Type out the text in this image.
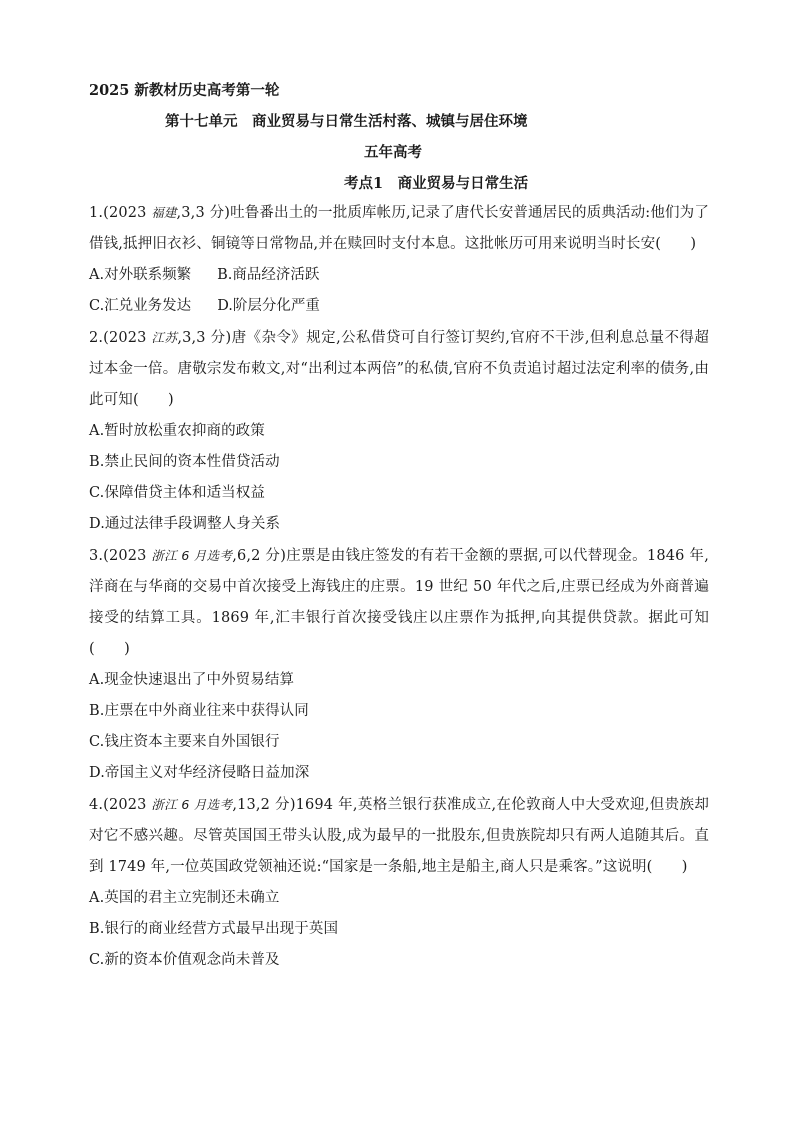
2025 新教材历史高考第一轮

第十七单元　商业贸易与日常生活村落、城镇与居住环境

五年高考

考点1　商业贸易与日常生活

1.(2023 福建,3,3 分)吐鲁番出土的一批质库帐历,记录了唐代长安普通居民的质典活动:他们为了借钱,抵押旧衣衫、铜镜等日常物品,并在赎回时支付本息。这批帐历可用来说明当时长安(　　)

A.对外联系频繁 B.商品经济活跃
C.汇兑业务发达 D.阶层分化严重

2.(2023 江苏,3,3 分)唐《杂令》规定,公私借贷可自行签订契约,官府不干涉,但利息总量不得超过本金一倍。唐敬宗发布敕文,对“出利过本两倍”的私债,官府不负责追讨超过法定利率的债务,由此可知(　　)

A.暂时放松重农抑商的政策

B.禁止民间的资本性借贷活动

C.保障借贷主体和适当权益

D.通过法律手段调整人身关系

3.(2023 浙江 6 月选考,6,2 分)庄票是由钱庄签发的有若干金额的票据,可以代替现金。1846 年,洋商在与华商的交易中首次接受上海钱庄的庄票。19 世纪 50 年代之后,庄票已经成为外商普遍接受的结算工具。1869 年,汇丰银行首次接受钱庄以庄票作为抵押,向其提供贷款。据此可知(　　)

A.现金快速退出了中外贸易结算

B.庄票在中外商业往来中获得认同

C.钱庄资本主要来自外国银行

D.帝国主义对华经济侵略日益加深

4.(2023 浙江 6 月选考,13,2 分)1694 年,英格兰银行获准成立,在伦敦商人中大受欢迎,但贵族却对它不感兴趣。尽管英国国王带头认股,成为最早的一批股东,但贵族院却只有两人追随其后。直到 1749 年,一位英国政党领袖还说:“国家是一条船,地主是船主,商人只是乘客。”这说明(　　)

A.英国的君主立宪制还未确立

B.银行的商业经营方式最早出现于英国

C.新的资本价值观念尚未普及
